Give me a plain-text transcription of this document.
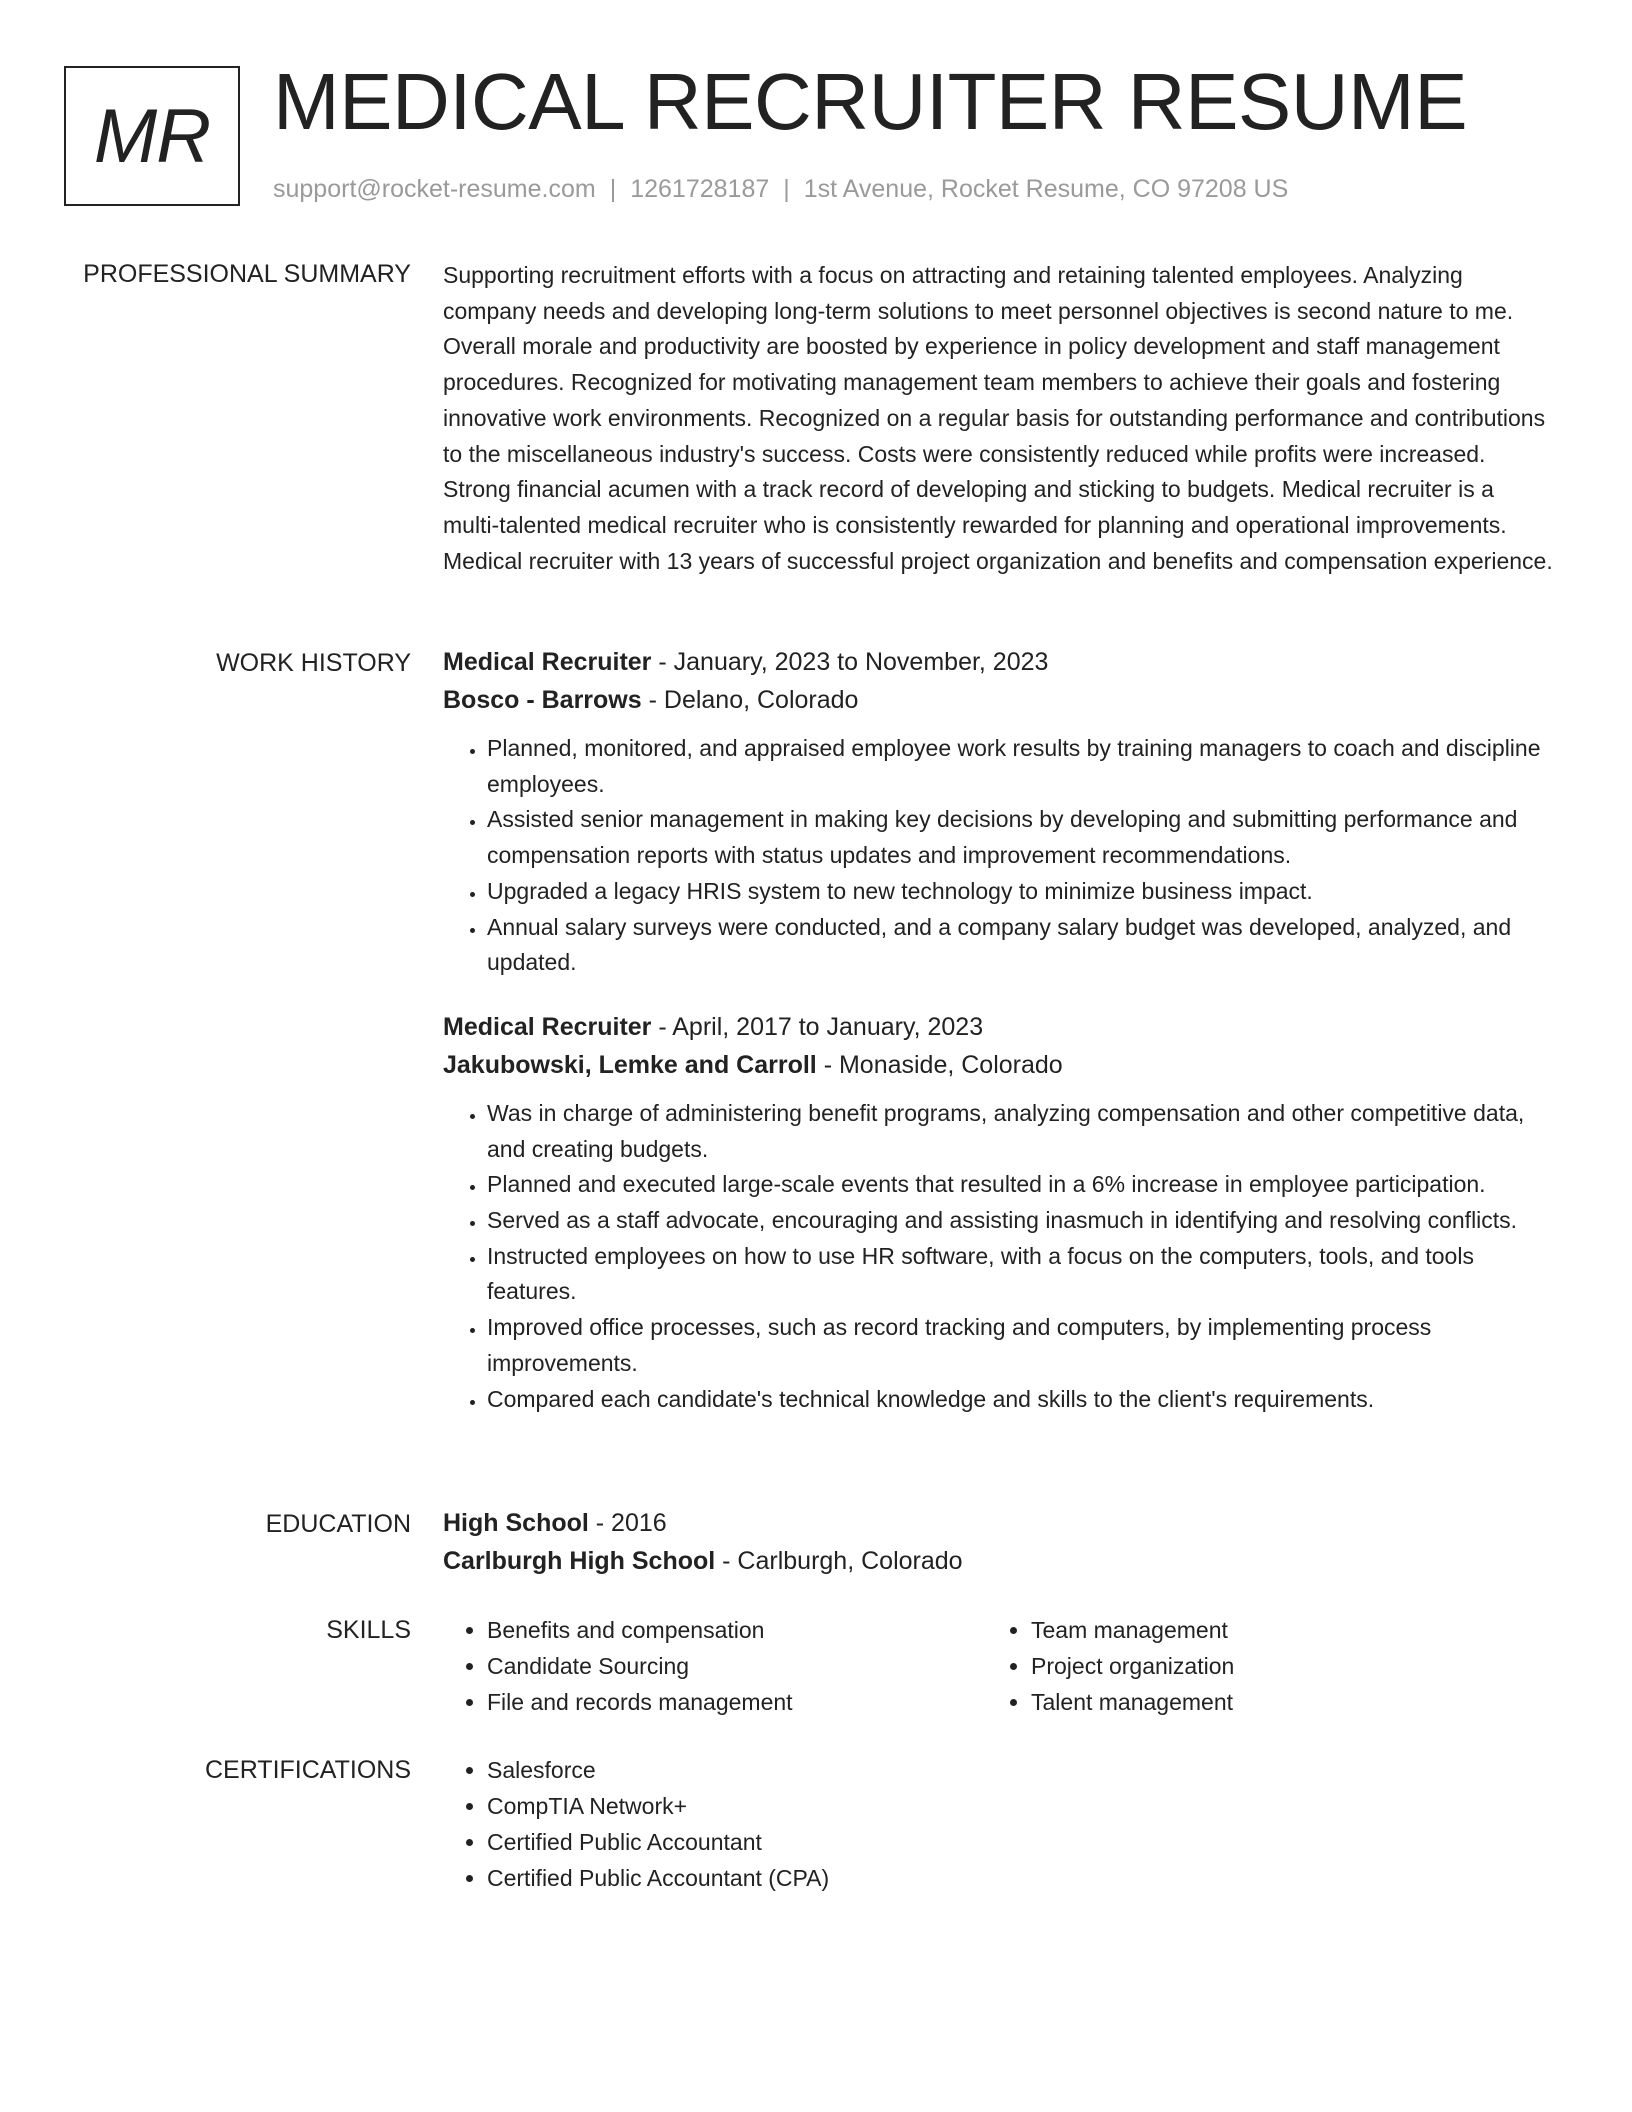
MR MEDICAL RECRUITER RESUME
support@rocket-resume.com | 1261728187 | 1st Avenue, Rocket Resume, CO 97208 US
PROFESSIONAL SUMMARY Supporting recruitment efforts with a focus on attracting and retaining talented employees. Analyzing company needs and developing long-term solutions to meet personnel objectives is second nature to me. Overall morale and productivity are boosted by experience in policy development and staff management procedures. Recognized for motivating management team members to achieve their goals and fostering innovative work environments. Recognized on a regular basis for outstanding performance and contributions to the miscellaneous industry's success. Costs were consistently reduced while profits were increased. Strong financial acumen with a track record of developing and sticking to budgets. Medical recruiter is a multi-talented medical recruiter who is consistently rewarded for planning and operational improvements. Medical recruiter with 13 years of successful project organization and benefits and compensation experience.

WORK HISTORY Medical Recruiter - January, 2023 to November, 2023
Bosco - Barrows - Delano, Colorado
• Planned, monitored, and appraised employee work results by training managers to coach and discipline employees.
• Assisted senior management in making key decisions by developing and submitting performance and compensation reports with status updates and improvement recommendations.
• Upgraded a legacy HRIS system to new technology to minimize business impact.
• Annual salary surveys were conducted, and a company salary budget was developed, analyzed, and updated.
Medical Recruiter - April, 2017 to January, 2023
Jakubowski, Lemke and Carroll - Monaside, Colorado
• Was in charge of administering benefit programs, analyzing compensation and other competitive data, and creating budgets.
• Planned and executed large-scale events that resulted in a 6% increase in employee participation.
• Served as a staff advocate, encouraging and assisting inasmuch in identifying and resolving conflicts.
• Instructed employees on how to use HR software, with a focus on the computers, tools, and tools features.
• Improved office processes, such as record tracking and computers, by implementing process improvements.
• Compared each candidate's technical knowledge and skills to the client's requirements.
EDUCATION High School - 2016
Carlburgh High School - Carlburgh, Colorado
SKILLS	• Benefits and compensation
• Candidate Sourcing
• File and records management
• Team management
• Project organization
• Talent management
CERTIFICATIONS	• Salesforce
• CompTIA Network+
• Certified Public Accountant
• Certified Public Accountant (CPA)
